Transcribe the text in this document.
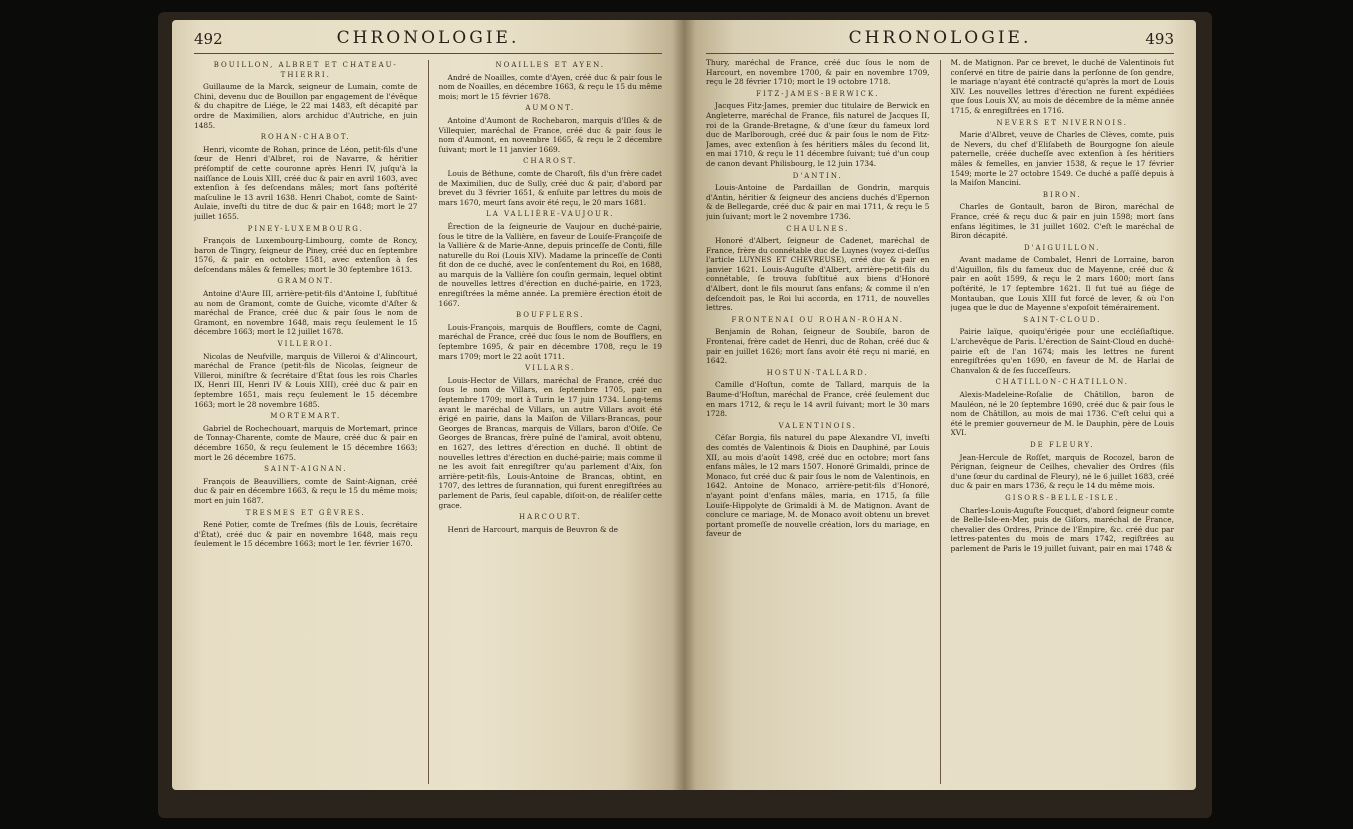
492	CHRONOLOGIE.
BOUILLON, ALBRET ET CHATEAU-THIERRI.

Guillaume de la Marck, seigneur de Lumain, comte de Chini, devenu duc de Bouillon par engagement de l'évêque & du chapitre de Liége, le 22 mai 1483, eſt décapité par ordre de Maximilien, alors archiduc d'Autriche, en juin 1485.

ROHAN-CHABOT.

Henri, vicomte de Rohan, prince de Léon, petit-fils d'une ſœur de Henri d'Albret, roi de Navarre, & héritier préſomptif de cette couronne après Henri IV, juſqu'à la naiſſance de Louis XIII, créé duc & pair en avril 1603, avec extenſion à ſes deſcendans mâles; mort ſans poſtérité maſculine le 13 avril 1638. Henri Chabot, comte de Saint-Aulaie, inveſti du titre de duc & pair en 1648; mort le 27 juillet 1655.

PINEY-LUXEMBOURG.

François de Luxembourg-Limbourg, comte de Roncy, baron de Tingry, ſeigneur de Piney, créé duc en ſeptembre 1576, & pair en octobre 1581, avec extenſion à ſes deſcendans mâles & femelles; mort le 30 ſeptembre 1613.

GRAMONT.

Antoine d'Aure III, arrière-petit-fils d'Antoine I, ſubſtitué au nom de Gramont, comte de Guiche, vicomte d'Aſter & maréchal de France, créé duc & pair ſous le nom de Gramont, en novembre 1648, mais reçu ſeulement le 15 décembre 1663; mort le 12 juillet 1678.

VILLEROI.

Nicolas de Neufville, marquis de Villeroi & d'Alincourt, maréchal de France (petit-fils de Nicolas, ſeigneur de Villeroi, miniſtre & ſecrétaire d'État ſous les rois Charles IX, Henri III, Henri IV & Louis XIII), créé duc & pair en ſeptembre 1651, mais reçu ſeulement le 15 décembre 1663; mort le 28 novembre 1685.

MORTEMART.

Gabriel de Rochechouart, marquis de Mortemart, prince de Tonnay-Charente, comte de Maure, créé duc & pair en décembre 1650, & reçu ſeulement le 15 décembre 1663; mort le 26 décembre 1675.

SAINT-AIGNAN.

François de Beauvilliers, comte de Saint-Aignan, créé duc & pair en décembre 1663, & reçu le 15 du même mois; mort en juin 1687.

TRESMES ET GÈVRES.

René Potier, comte de Treſmes (fils de Louis, ſecrétaire d'État), créé duc & pair en novembre 1648, mais reçu ſeulement le 15 décembre 1663; mort le 1er. février 1670.

NOAILLES ET AYEN.

André de Noailles, comte d'Ayen, créé duc & pair ſous le nom de Noailles, en décembre 1663, & reçu le 15 du même mois; mort le 15 février 1678.

AUMONT.

Antoine d'Aumont de Rochebaron, marquis d'Iſles & de Villequier, maréchal de France, créé duc & pair ſous le nom d'Aumont, en novembre 1665, & reçu le 2 décembre ſuivant; mort le 11 janvier 1669.

CHAROST.

Louis de Béthune, comte de Charoſt, fils d'un frère cadet de Maximilien, duc de Sully, créé duc & pair, d'abord par brevet du 3 février 1651, & enſuite par lettres du mois de mars 1670, meurt ſans avoir été reçu, le 20 mars 1681.

LA VALLIÈRE-VAUJOUR.

Érection de la ſeigneurie de Vaujour en duché-pairie, ſous le titre de la Vallière, en faveur de Louiſe-Françoiſe de la Vallière & de Marie-Anne, depuis princeſſe de Conti, fille naturelle du Roi (Louis XIV). Madame la princeſſe de Conti fit don de ce duché, avec le conſentement du Roi, en 1688, au marquis de la Vallière ſon couſin germain, lequel obtint de nouvelles lettres d'érection en duché-pairie, en 1723, enregiſtrées la même année. La première érection étoit de 1667.

BOUFFLERS.

Louis-François, marquis de Boufflers, comte de Cagni, maréchal de France, créé duc ſous le nom de Boufflers, en ſeptembre 1695, & pair en décembre 1708, reçu le 19 mars 1709; mort le 22 août 1711.

VILLARS.

Louis-Hector de Villars, maréchal de France, créé duc ſous le nom de Villars, en ſeptembre 1705, pair en ſeptembre 1709; mort à Turin le 17 juin 1734. Long-tems avant le maréchal de Villars, un autre Villars avoit été érigé en pairie, dans la Maiſon de Villars-Brancas, pour Georges de Brancas, marquis de Villars, baron d'Oiſe. Ce Georges de Brancas, frère puîné de l'amiral, avoit obtenu, en 1627, des lettres d'érection en duché. Il obtint de nouvelles lettres d'érection en duché-pairie; mais comme il ne les avoit fait enregiſtrer qu'au parlement d'Aix, ſon arrière-petit-fils, Louis-Antoine de Brancas, obtint, en 1707, des lettres de ſurannation, qui furent enregiſtrées au parlement de Paris, ſeul capable, diſoit-on, de réaliſer cette grace.

HARCOURT.

Henri de Harcourt, marquis de Beuvron & de

CHRONOLOGIE.	493

Thury, maréchal de France, créé duc ſous le nom de Harcourt, en novembre 1700, & pair en novembre 1709, reçu le 28 février 1710; mort le 19 octobre 1718.

FITZ-JAMES-BERWICK.

Jacques Fitz-James, premier duc titulaire de Berwick en Angleterre, maréchal de France, fils naturel de Jacques II, roi de la Grande-Bretagne, & d'une ſœur du fameux lord duc de Marlborough, créé duc & pair ſous le nom de Fitz-James, avec extenſion à ſes héritiers mâles du ſecond lit, en mai 1710, & reçu le 11 décembre ſuivant; tué d'un coup de canon devant Philisbourg, le 12 juin 1734.

D'ANTIN.

Louis-Antoine de Pardaillan de Gondrin, marquis d'Antin, héritier & ſeigneur des anciens duchés d'Epernon & de Bellegarde, créé duc & pair en mai 1711, & reçu le 5 juin ſuivant; mort le 2 novembre 1736.

CHAULNES.

Honoré d'Albert, ſeigneur de Cadenet, maréchal de France, frère du connétable duc de Luynes (voyez ci-deſſus l'article LUYNES ET CHEVREUSE), créé duc & pair en janvier 1621. Louis-Auguſte d'Albert, arrière-petit-fils du connétable, ſe trouva ſubſtitué aux biens d'Honoré d'Albert, dont le fils mourut ſans enfans; & comme il n'en deſcendoit pas, le Roi lui accorda, en 1711, de nouvelles lettres.

FRONTENAI OU ROHAN-ROHAN.

Benjamin de Rohan, ſeigneur de Soubiſe, baron de Frontenai, frère cadet de Henri, duc de Rohan, créé duc & pair en juillet 1626; mort ſans avoir été reçu ni marié, en 1642.

HOSTUN-TALLARD.

Camille d'Hoſtun, comte de Tallard, marquis de la Baume-d'Hoſtun, maréchal de France, créé ſeulement duc en mars 1712, & reçu le 14 avril ſuivant; mort le 30 mars 1728.

VALENTINOIS.

Céſar Borgia, fils naturel du pape Alexandre VI, inveſti des comtés de Valentinois & Diois en Dauphiné, par Louis XII, au mois d'août 1498, créé duc en octobre; mort ſans enfans mâles, le 12 mars 1507. Honoré Grimaldi, prince de Monaco, fut créé duc & pair ſous le nom de Valentinois, en 1642. Antoine de Monaco, arrière-petit-fils d'Honoré, n'ayant point d'enfans mâles, maria, en 1715, ſa fille Louiſe-Hippolyte de Grimaldi à M. de Matignon. Avant de conclure ce mariage, M. de Monaco avoit obtenu un brevet portant promeſſe de nouvelle création, lors du mariage, en faveur de

M. de Matignon. Par ce brevet, le duché de Valentinois fut conſervé en titre de pairie dans la perſonne de ſon gendre, le mariage n'ayant été contracté qu'après la mort de Louis XIV. Les nouvelles lettres d'érection ne furent expédiées que ſous Louis XV, au mois de décembre de la même année 1715, & enregiſtrées en 1716.

NEVERS ET NIVERNOIS.

Marie d'Albret, veuve de Charles de Clèves, comte, puis de Nevers, du chef d'Eliſabeth de Bourgogne ſon aïeule paternelle, créée ducheſſe avec extenſion à ſes héritiers mâles & femelles, en janvier 1538, & reçue le 17 février 1549; morte le 27 octobre 1549. Ce duché a paſſé depuis à la Maiſon Mancini.

BIRON.

Charles de Gontault, baron de Biron, maréchal de France, créé & reçu duc & pair en juin 1598; mort ſans enfans légitimes, le 31 juillet 1602. C'eſt le maréchal de Biron décapité.

D'AIGUILLON.

Avant madame de Combalet, Henri de Lorraine, baron d'Aiguillon, fils du fameux duc de Mayenne, créé duc & pair en août 1599, & reçu le 2 mars 1600; mort ſans poſtérité, le 17 ſeptembre 1621. Il fut tué au ſiége de Montauban, que Louis XIII fut forcé de lever, & où l'on jugea que le duc de Mayenne s'expoſoit témérairement.

SAINT-CLOUD.

Pairie laïque, quoiqu'érigée pour une eccléſiaſtique. L'archevêque de Paris. L'érection de Saint-Cloud en duché-pairie eſt de l'an 1674; mais les lettres ne furent enregiſtrées qu'en 1690, en faveur de M. de Harlai de Chanvalon & de ſes ſucceſſeurs.

CHATILLON-CHATILLON.

Alexis-Madeleine-Roſalie de Châtillon, baron de Mauléon, né le 20 ſeptembre 1690, créé duc & pair ſous le nom de Châtillon, au mois de mai 1736. C'eſt celui qui a été le premier gouverneur de M. le Dauphin, père de Louis XVI.

DE FLEURY.

Jean-Hercule de Roſſet, marquis de Rocozel, baron de Pérignan, ſeigneur de Ceilhes, chevalier des Ordres (fils d'une ſœur du cardinal de Fleury), né le 6 juillet 1683, créé duc & pair en mars 1736, & reçu le 14 du même mois.

GISORS-BELLE-ISLE.

Charles-Louis-Auguſte Foucquet, d'abord ſeigneur comte de Belle-Isle-en-Mer, puis de Giſors, maréchal de France, chevalier des Ordres, Prince de l'Empire, &c. créé duc par lettres-patentes du mois de mars 1742, regiſtrées au parlement de Paris le 19 juillet ſuivant, pair en mai 1748 &
